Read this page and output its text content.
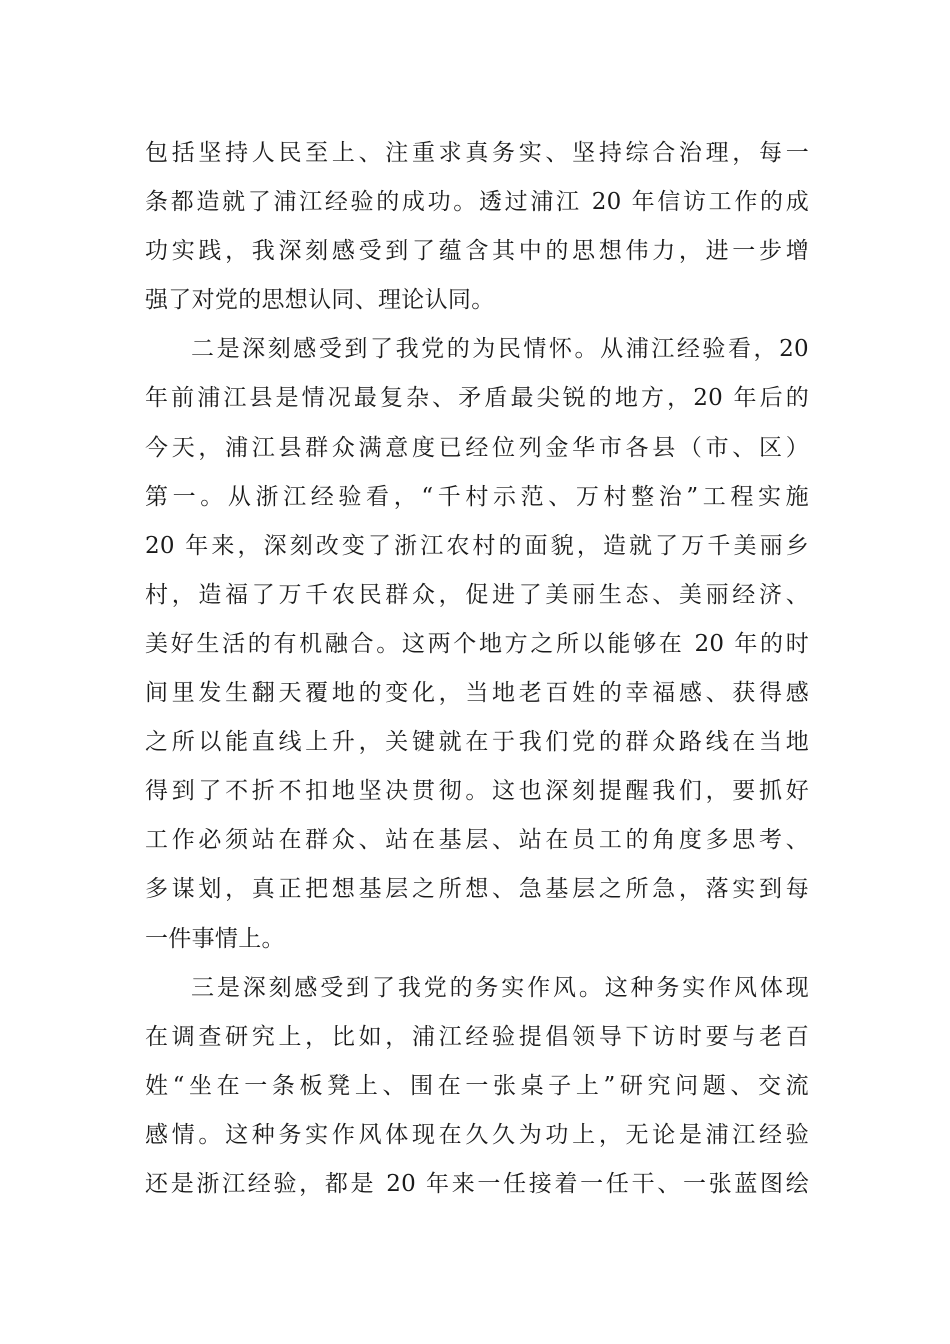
包括坚持人民至上、注重求真务实、坚持综合治理，每一
条都造就了浦江经验的成功。透过浦江 20 年信访工作的成
功实践，我深刻感受到了蕴含其中的思想伟力，进一步增
强了对党的思想认同、理论认同。
二是深刻感受到了我党的为民情怀。从浦江经验看，20
年前浦江县是情况最复杂、矛盾最尖锐的地方，20 年后的
今天，浦江县群众满意度已经位列金华市各县（市、区）
第一。从浙江经验看，“千村示范、万村整治”工程实施
20 年来，深刻改变了浙江农村的面貌，造就了万千美丽乡
村，造福了万千农民群众，促进了美丽生态、美丽经济、
美好生活的有机融合。这两个地方之所以能够在 20 年的时
间里发生翻天覆地的变化，当地老百姓的幸福感、获得感
之所以能直线上升，关键就在于我们党的群众路线在当地
得到了不折不扣地坚决贯彻。这也深刻提醒我们，要抓好
工作必须站在群众、站在基层、站在员工的角度多思考、
多谋划，真正把想基层之所想、急基层之所急，落实到每
一件事情上。
三是深刻感受到了我党的务实作风。这种务实作风体现
在调查研究上，比如，浦江经验提倡领导下访时要与老百
姓“坐在一条板凳上、围在一张桌子上”研究问题、交流
感情。这种务实作风体现在久久为功上，无论是浦江经验
还是浙江经验，都是 20 年来一任接着一任干、一张蓝图绘
